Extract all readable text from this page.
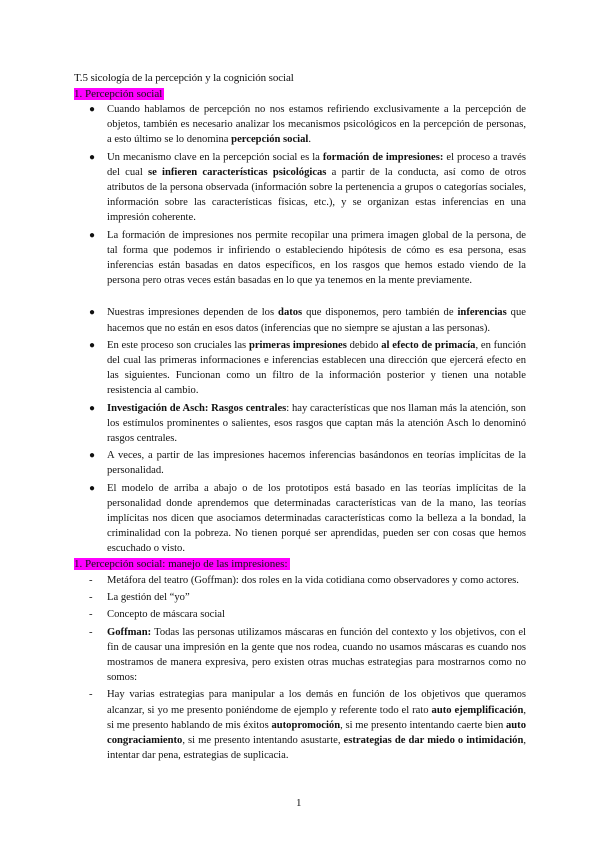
T.5 sicología de la percepción y la cognición social
1. Percepción social
● Cuando hablamos de percepción no nos estamos refiriendo exclusivamente a la percepción de objetos, también es necesario analizar los mecanismos psicológicos en la percepción de personas, a esto último se lo denomina percepción social.
● Un mecanismo clave en la percepción social es la formación de impresiones: el proceso a través del cual se infieren características psicológicas a partir de la conducta, así como de otros atributos de la persona observada (información sobre la pertenencia a grupos o categorías sociales, información sobre las características físicas, etc.), y se organizan estas inferencias en una impresión coherente.
● La formación de impresiones nos permite recopilar una primera imagen global de la persona, de tal forma que podemos ir infiriendo o estableciendo hipótesis de cómo es esa persona, esas inferencias están basadas en datos específicos, en los rasgos que hemos estado viendo de la persona pero otras veces están basadas en lo que ya tenemos en la mente previamente.
● Nuestras impresiones dependen de los datos que disponemos, pero también de inferencias que hacemos que no están en esos datos (inferencias que no siempre se ajustan a las personas).
● En este proceso son cruciales las primeras impresiones debido al efecto de primacía, en función del cual las primeras informaciones e inferencias establecen una dirección que ejercerá efecto en las siguientes. Funcionan como un filtro de la información posterior y tienen una notable resistencia al cambio.
● Investigación de Asch: Rasgos centrales: hay características que nos llaman más la atención, son los estímulos prominentes o salientes, esos rasgos que captan más la atención Asch lo denominó rasgos centrales.
● A veces, a partir de las impresiones hacemos inferencias basándonos en teorías implícitas de la personalidad.
● El modelo de arriba a abajo o de los prototipos está basado en las teorías implícitas de la personalidad donde aprendemos que determinadas características van de la mano, las teorías implícitas nos dicen que asociamos determinadas características como la belleza a la bondad, la criminalidad con la pobreza. No tienen porqué ser aprendidas, pueden ser con cosas que hemos escuchado o visto.
1. Percepción social: manejo de las impresiones:
- Metáfora del teatro (Goffman): dos roles en la vida cotidiana como observadores y como actores.
- La gestión del “yo”
- Concepto de máscara social
- Goffman: Todas las personas utilizamos máscaras en función del contexto y los objetivos, con el fin de causar una impresión en la gente que nos rodea, cuando no usamos máscaras es cuando nos mostramos de manera expresiva, pero existen otras muchas estrategias para mostrarnos como no somos:
- Hay varias estrategias para manipular a los demás en función de los objetivos que queramos alcanzar, si yo me presento poniéndome de ejemplo y referente todo el rato auto ejemplificación, si me presento hablando de mis éxitos autopromoción, si me presento intentando caerte bien auto congraciamiento, si me presento intentando asustarte, estrategias de dar miedo o intimidación, intentar dar pena, estrategias de suplicacia.
1
